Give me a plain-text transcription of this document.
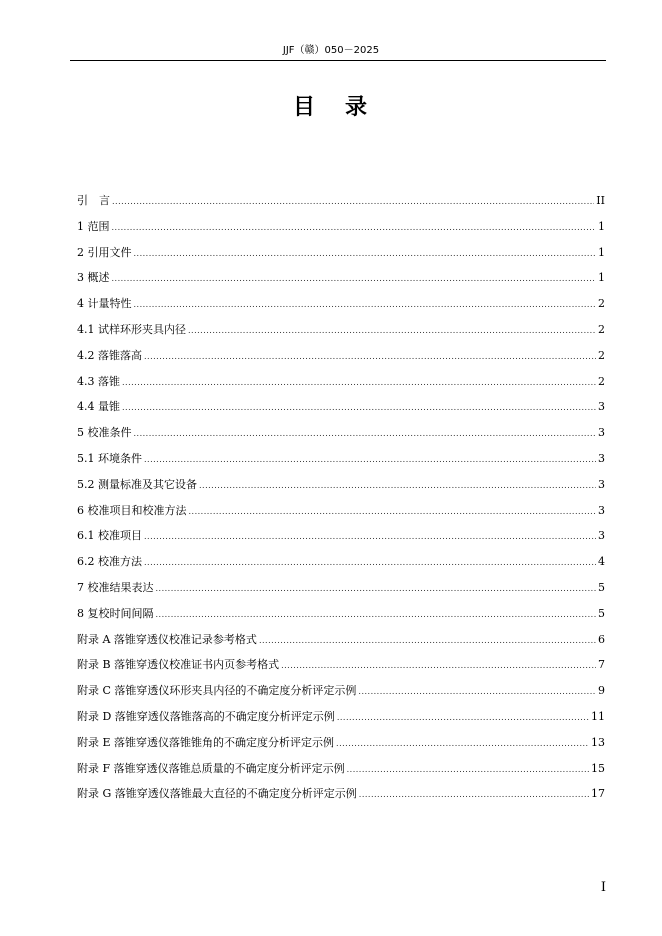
JJF（赣）050－2025
目 录
引　言 .....	II
1 范围 .....	1
2 引用文件 .....	1
3 概述 .....	1
4 计量特性 .....	2
4.1 试样环形夹具内径 .....	2
4.2 落锥落高 .....	2
4.3 落锥 .....	2
4.4 量锥 .....	3
5 校准条件 .....	3
5.1 环境条件 .....	3
5.2 测量标准及其它设备 .....	3
6 校准项目和校准方法 .....	3
6.1 校准项目 .....	3
6.2 校准方法 .....	4
7 校准结果表达 .....	5
8 复校时间间隔 .....	5
附录 A 落锥穿透仪校准记录参考格式 .....	6
附录 B 落锥穿透仪校准证书内页参考格式 .....	7
附录 C 落锥穿透仪环形夹具内径的不确定度分析评定示例 .....	9
附录 D 落锥穿透仪落锥落高的不确定度分析评定示例 .....	11
附录 E 落锥穿透仪落锥锥角的不确定度分析评定示例 .....	13
附录 F 落锥穿透仪落锥总质量的不确定度分析评定示例 .....	15
附录 G 落锥穿透仪落锥最大直径的不确定度分析评定示例 .....	17
I
